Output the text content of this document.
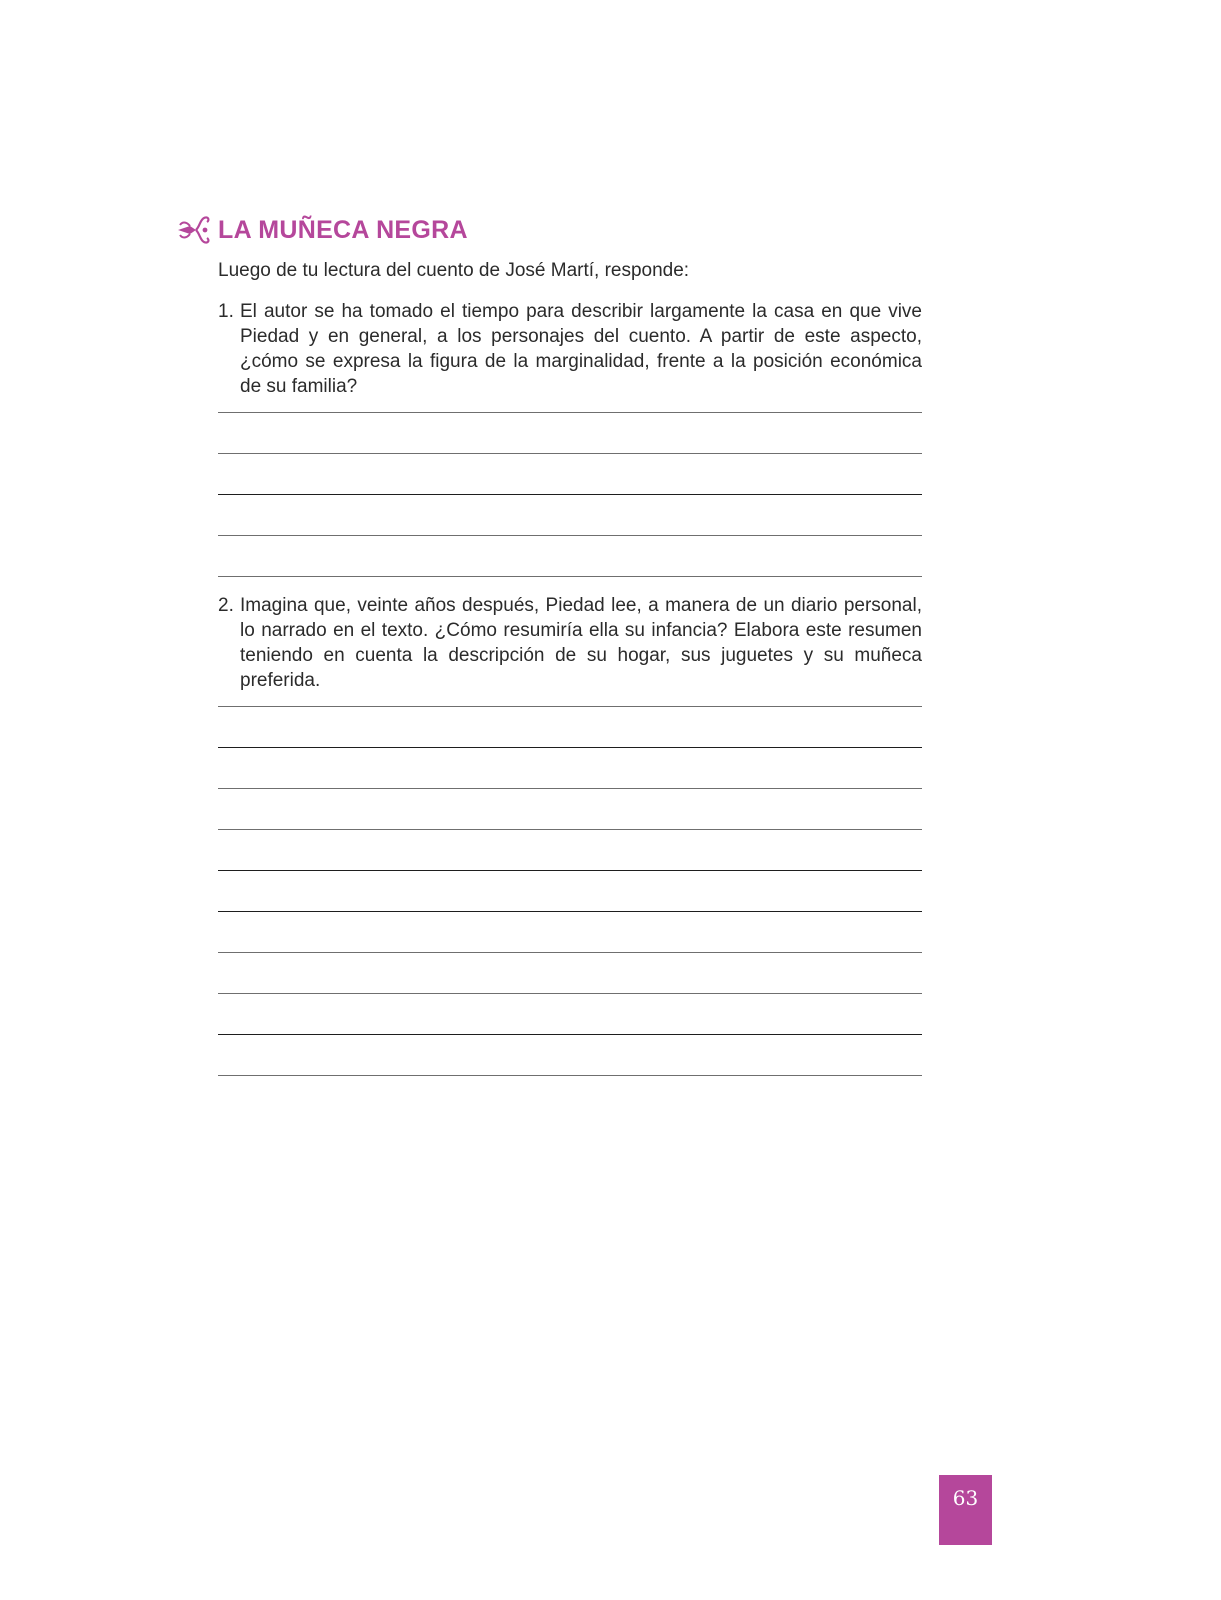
LA MUÑECA NEGRA
Luego de tu lectura del cuento de José Martí, responde:
1. El autor se ha tomado el tiempo para describir largamente la casa en que vive Piedad y en general, a los personajes del cuento. A partir de este aspecto, ¿cómo se expresa la figura de la marginalidad, frente a la posición económica de su familia?
2. Imagina que, veinte años después, Piedad lee, a manera de un diario personal, lo narrado en el texto. ¿Cómo resumiría ella su infancia? Elabora este resumen teniendo en cuenta la descripción de su hogar, sus juguetes y su muñeca preferida.
63
